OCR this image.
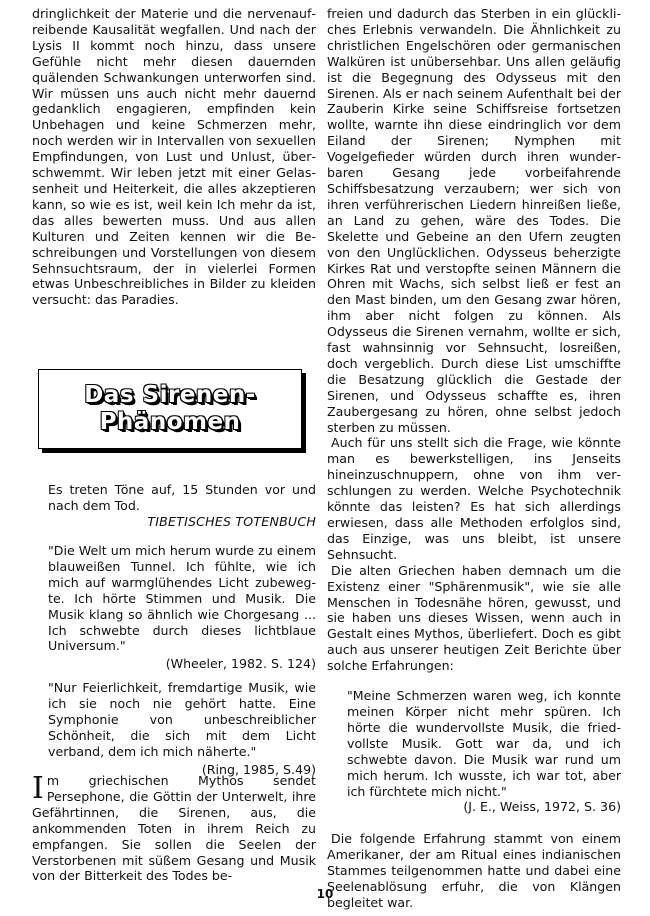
dringlichkeit der Materie und die nervenaufreibende Kausalität wegfallen. Und nach der Lysis II kommt noch hinzu, dass unsere Gefühle nicht mehr diesen dauernden quälenden Schwankungen unterworfen sind. Wir müssen uns auch nicht mehr dauernd gedanklich engagieren, empfinden kein Unbehagen und keine Schmerzen mehr, noch werden wir in Intervallen von sexuellen Empfindungen, von Lust und Unlust, überschwemmt. Wir leben jetzt mit einer Gelassenheit und Heiterkeit, die alles akzeptieren kann, so wie es ist, weil kein Ich mehr da ist, das alles bewerten muss. Und aus allen Kulturen und Zeiten kennen wir die Beschreibungen und Vorstellungen von diesem Sehnsuchtsraum, der in vielerlei Formen etwas Unbeschreibliches in Bilder zu kleiden versucht: das Paradies.

Das Sirenen-
Phänomen

Es treten Töne auf, 15 Stunden vor und nach dem Tod.

TIBETISCHES TOTENBUCH

"Die Welt um mich herum wurde zu einem blauweißen Tunnel. Ich fühlte, wie ich mich auf warmglühendes Licht zubewegte. Ich hörte Stimmen und Musik. Die Musik klang so ähnlich wie Chorgesang ... Ich schwebte durch dieses lichtblaue Universum."

(Wheeler, 1982. S. 124)

"Nur Feierlichkeit, fremdartige Musik, wie ich sie noch nie gehört hatte. Eine Symphonie von unbeschreiblicher Schönheit, die sich mit dem Licht verband, dem ich mich näherte."

(Ring, 1985, S.49)

Im griechischen Mythos sendet Persephone, die Göttin der Unterwelt, ihre Gefährtinnen, die Sirenen, aus, die ankommenden Toten in ihrem Reich zu empfangen. Sie sollen die Seelen der Verstorbenen mit süßem Gesang und Musik von der Bitterkeit des Todes be-

freien und dadurch das Sterben in ein glückliches Erlebnis verwandeln. Die Ähnlichkeit zu christlichen Engelschören oder germanischen Walküren ist unübersehbar. Uns allen geläufig ist die Begegnung des Odysseus mit den Sirenen. Als er nach seinem Aufenthalt bei der Zauberin Kirke seine Schiffsreise fortsetzen wollte, warnte ihn diese eindringlich vor dem Eiland der Sirenen; Nymphen mit Vogelgefieder würden durch ihren wunderbaren Gesang jede vorbeifahrende Schiffsbesatzung verzaubern; wer sich von ihren verführerischen Liedern hinreißen ließe, an Land zu gehen, wäre des Todes. Die Skelette und Gebeine an den Ufern zeugten von den Unglücklichen. Odysseus beherzigte Kirkes Rat und verstopfte seinen Männern die Ohren mit Wachs, sich selbst ließ er fest an den Mast binden, um den Gesang zwar hören, ihm aber nicht folgen zu können. Als Odysseus die Sirenen vernahm, wollte er sich, fast wahnsinnig vor Sehnsucht, losreißen, doch vergeblich. Durch diese List umschiffte die Besatzung glücklich die Gestade der Sirenen, und Odysseus schaffte es, ihren Zaubergesang zu hören, ohne selbst jedoch sterben zu müssen.

Auch für uns stellt sich die Frage, wie könnte man es bewerkstelligen, ins Jenseits hineinzuschnuppern, ohne von ihm verschlungen zu werden. Welche Psychotechnik könnte das leisten? Es hat sich allerdings erwiesen, dass alle Methoden erfolglos sind, das Einzige, was uns bleibt, ist unsere Sehnsucht.

Die alten Griechen haben demnach um die Existenz einer "Sphärenmusik", wie sie alle Menschen in Todesnähe hören, gewusst, und sie haben uns dieses Wissen, wenn auch in Gestalt eines Mythos, überliefert. Doch es gibt auch aus unserer heutigen Zeit Berichte über solche Erfahrungen:

"Meine Schmerzen waren weg, ich konnte meinen Körper nicht mehr spüren. Ich hörte die wundervollste Musik, die friedvollste Musik. Gott war da, und ich schwebte davon. Die Musik war rund um mich herum. Ich wusste, ich war tot, aber ich fürchtete mich nicht."

(J. E., Weiss, 1972, S. 36)

Die folgende Erfahrung stammt von einem Amerikaner, der am Ritual eines indianischen Stammes teilgenommen hatte und dabei eine Seelenablösung erfuhr, die von Klängen begleitet war.

10
